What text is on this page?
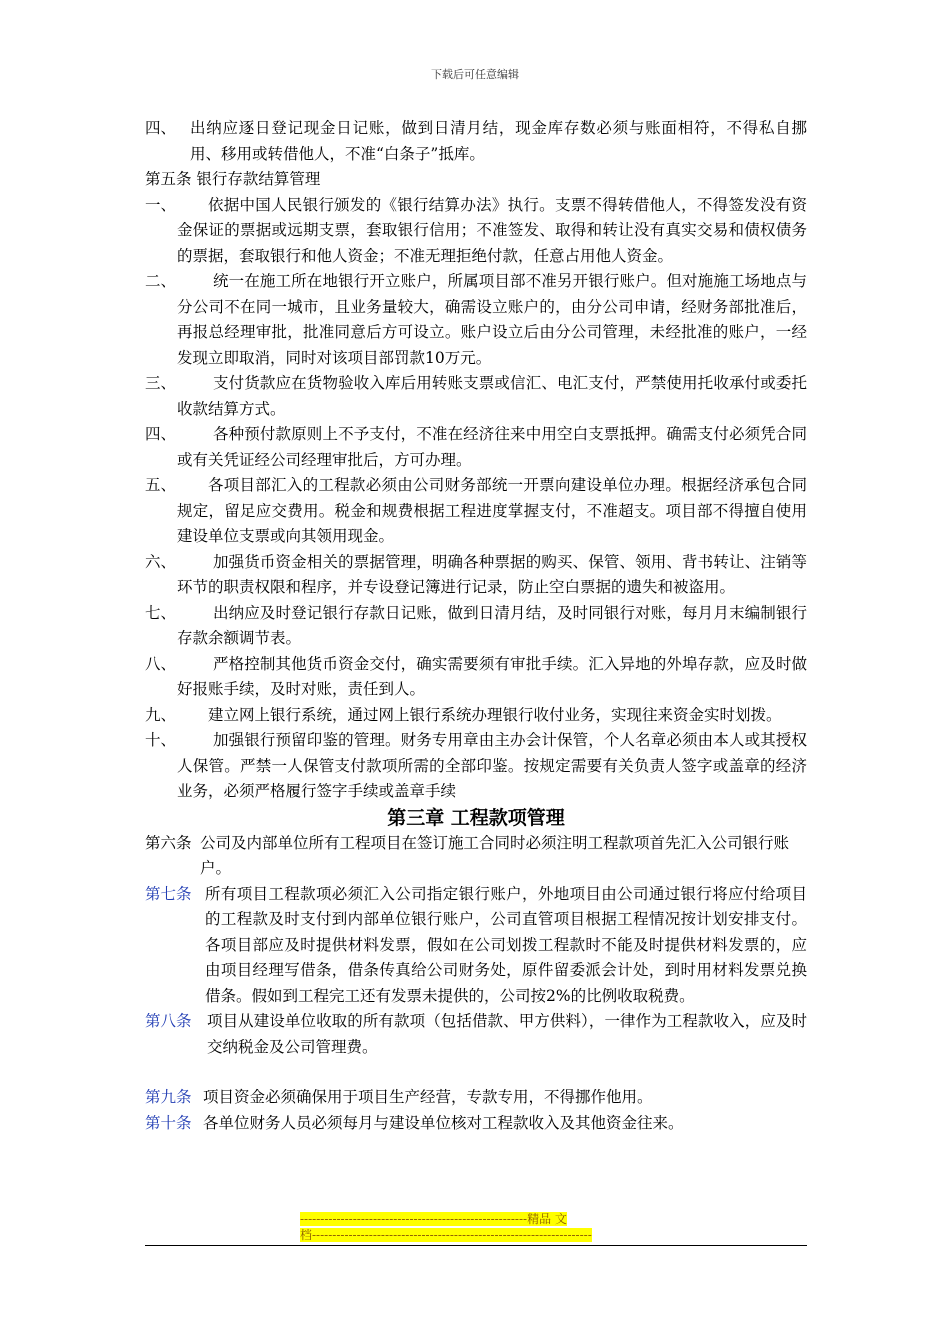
下载后可任意编辑
四、 出纳应逐日登记现金日记账，做到日清月结，现金库存数必须与账面相符，不得私自挪用、移用或转借他人，不准“白条子”抵库。
第五条 银行存款结算管理
一、	依据中国人民银行颁发的《银行结算办法》执行。支票不得转借他人，不得签发没有资金保证的票据或远期支票，套取银行信用；不准签发、取得和转让没有真实交易和债权债务的票据，套取银行和他人资金；不准无理拒绝付款，任意占用他人资金。
二、	统一在施工所在地银行开立账户，所属项目部不准另开银行账户。但对施施工场地点与分公司不在同一城市，且业务量较大，确需设立账户的，由分公司申请，经财务部批准后，再报总经理审批，批准同意后方可设立。账户设立后由分公司管理，未经批准的账户，一经发现立即取消，同时对该项目部罚款10万元。
三、	支付货款应在货物验收入库后用转账支票或信汇、电汇支付，严禁使用托收承付或委托收款结算方式。
四、	各种预付款原则上不予支付，不准在经济往来中用空白支票抵押。确需支付必须凭合同或有关凭证经公司经理审批后，方可办理。
五、	各项目部汇入的工程款必须由公司财务部统一开票向建设单位办理。根据经济承包合同规定，留足应交费用。税金和规费根据工程进度掌握支付，不准超支。项目部不得擅自使用建设单位支票或向其领用现金。
六、	加强货币资金相关的票据管理，明确各种票据的购买、保管、领用、背书转让、注销等环节的职责权限和程序，并专设登记簿进行记录，防止空白票据的遗失和被盗用。
七、	出纳应及时登记银行存款日记账，做到日清月结，及时同银行对账，每月月末编制银行存款余额调节表。
八、	严格控制其他货币资金交付，确实需要须有审批手续。汇入异地的外埠存款，应及时做好报账手续，及时对账，责任到人。
九、	建立网上银行系统，通过网上银行系统办理银行收付业务，实现往来资金实时划拨。
十、	加强银行预留印鉴的管理。财务专用章由主办会计保管，个人名章必须由本人或其授权人保管。严禁一人保管支付款项所需的全部印鉴。按规定需要有关负责人签字或盖章的经济业务，必须严格履行签字手续或盖章手续
第三章 工程款项管理
第六条 公司及内部单位所有工程项目在签订施工合同时必须注明工程款项首先汇入公司银行账户。
第七条 所有项目工程款项必须汇入公司指定银行账户，外地项目由公司通过银行将应付给项目的工程款及时支付到内部单位银行账户，公司直管项目根据工程情况按计划安排支付。各项目部应及时提供材料发票，假如在公司划拨工程款时不能及时提供材料发票的，应由项目经理写借条，借条传真给公司财务处，原件留委派会计处，到时用材料发票兑换借条。假如到工程完工还有发票未提供的，公司按2%的比例收取税费。
第八条 项目从建设单位收取的所有款项（包括借款、甲方供料），一律作为工程款收入，应及时交纳税金及公司管理费。
第九条 项目资金必须确保用于项目生产经营，专款专用，不得挪作他用。
第十条 各单位财务人员必须每月与建设单位核对工程款收入及其他资金往来。
--------------------------------------------------------精品 文
档---------------------------------------------------------------------
